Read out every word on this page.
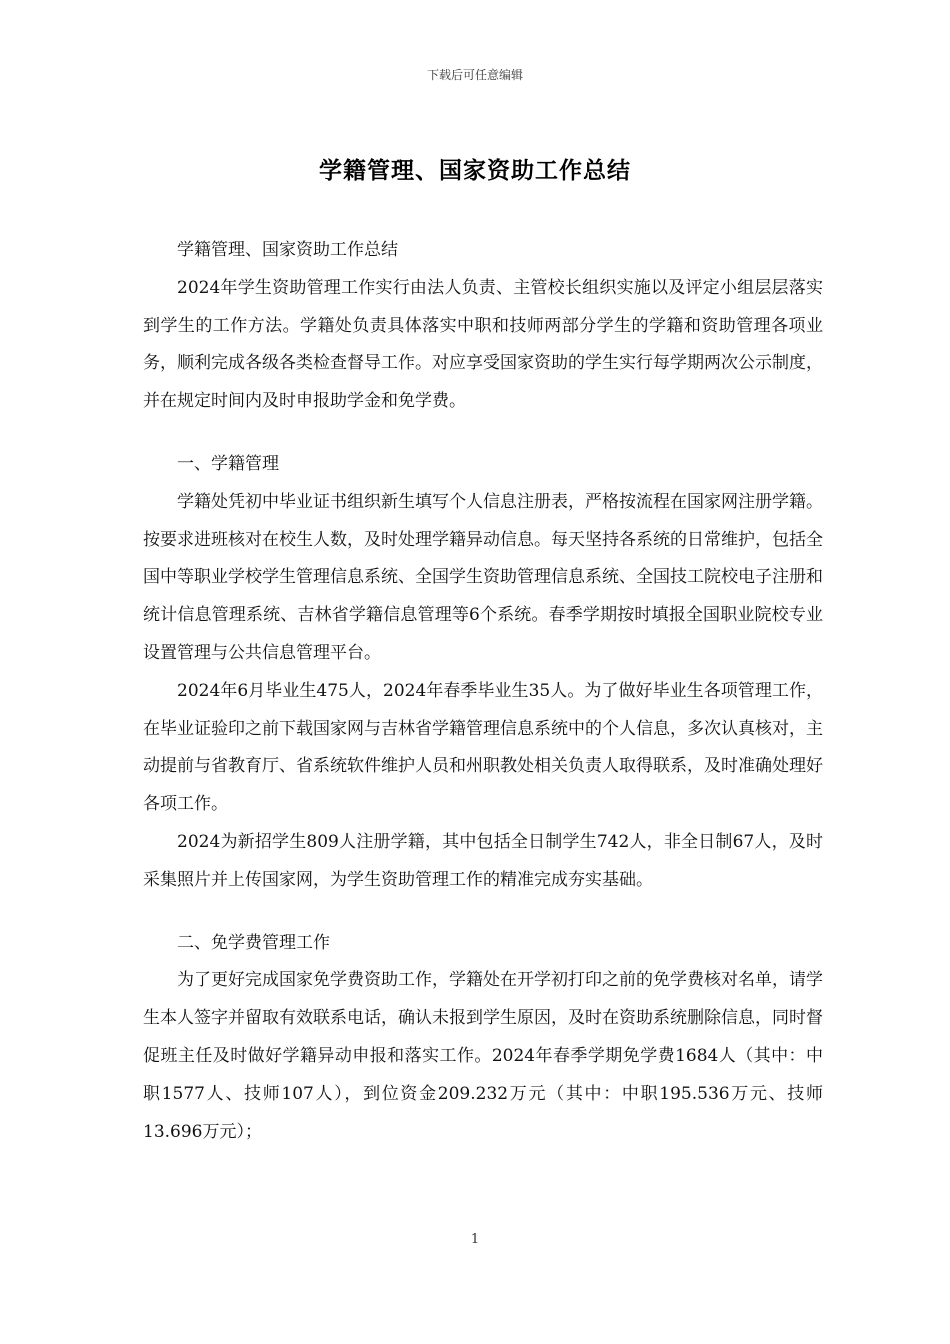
下载后可任意编辑
学籍管理、国家资助工作总结

学籍管理、国家资助工作总结

2024年学生资助管理工作实行由法人负责、主管校长组织实施以及评定小组层层落实到学生的工作方法。学籍处负责具体落实中职和技师两部分学生的学籍和资助管理各项业务，顺利完成各级各类检查督导工作。对应享受国家资助的学生实行每学期两次公示制度，并在规定时间内及时申报助学金和免学费。

一、学籍管理

学籍处凭初中毕业证书组织新生填写个人信息注册表，严格按流程在国家网注册学籍。按要求进班核对在校生人数，及时处理学籍异动信息。每天坚持各系统的日常维护，包括全国中等职业学校学生管理信息系统、全国学生资助管理信息系统、全国技工院校电子注册和统计信息管理系统、吉林省学籍信息管理等6个系统。春季学期按时填报全国职业院校专业设置管理与公共信息管理平台。

2024年6月毕业生475人，2024年春季毕业生35人。为了做好毕业生各项管理工作，在毕业证验印之前下载国家网与吉林省学籍管理信息系统中的个人信息，多次认真核对，主动提前与省教育厅、省系统软件维护人员和州职教处相关负责人取得联系，及时准确处理好各项工作。

2024为新招学生809人注册学籍，其中包括全日制学生742人，非全日制67人，及时采集照片并上传国家网，为学生资助管理工作的精准完成夯实基础。

二、免学费管理工作

为了更好完成国家免学费资助工作，学籍处在开学初打印之前的免学费核对名单，请学生本人签字并留取有效联系电话，确认未报到学生原因，及时在资助系统删除信息，同时督促班主任及时做好学籍异动申报和落实工作。2024年春季学期免学费1684人（其中：中职1577人、技师107人），到位资金209.232万元（其中：中职195.536万元、技师13.696万元）；

1
